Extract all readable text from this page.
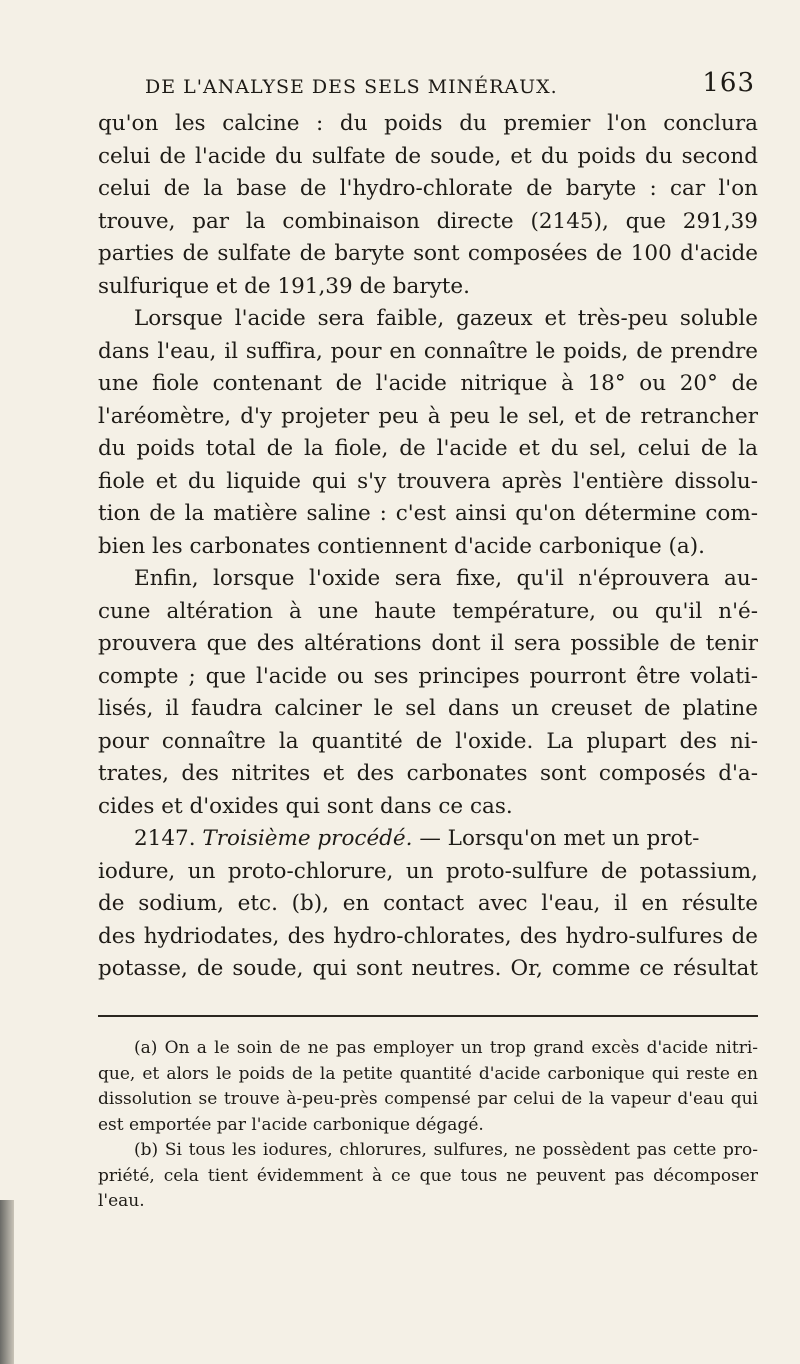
DE L'ANALYSE DES SELS MINÉRAUX.	163
qu'on les calcine : du poids du premier l'on conclura
celui de l'acide du sulfate de soude, et du poids du second
celui de la base de l'hydro-chlorate de baryte : car l'on
trouve, par la combinaison directe (2145), que 291,39
parties de sulfate de baryte sont composées de 100 d'acide
sulfurique et de 191,39 de baryte.
Lorsque l'acide sera faible, gazeux et très-peu soluble
dans l'eau, il suffira, pour en connaître le poids, de prendre
une fiole contenant de l'acide nitrique à 18° ou 20° de
l'aréomètre, d'y projeter peu à peu le sel, et de retrancher
du poids total de la fiole, de l'acide et du sel, celui de la
fiole et du liquide qui s'y trouvera après l'entière dissolu-
tion de la matière saline : c'est ainsi qu'on détermine com-
bien les carbonates contiennent d'acide carbonique (a).
Enfin, lorsque l'oxide sera fixe, qu'il n'éprouvera au-
cune altération à une haute température, ou qu'il n'é-
prouvera que des altérations dont il sera possible de tenir
compte ; que l'acide ou ses principes pourront être volati-
lisés, il faudra calciner le sel dans un creuset de platine
pour connaître la quantité de l'oxide. La plupart des ni-
trates, des nitrites et des carbonates sont composés d'a-
cides et d'oxides qui sont dans ce cas.
2147. Troisième procédé. — Lorsqu'on met un prot-
iodure, un proto-chlorure, un proto-sulfure de potassium,
de sodium, etc. (b), en contact avec l'eau, il en résulte
des hydriodates, des hydro-chlorates, des hydro-sulfures de
potasse, de soude, qui sont neutres. Or, comme ce résultat
(a) On a le soin de ne pas employer un trop grand excès d'acide nitri-
que, et alors le poids de la petite quantité d'acide carbonique qui reste en
dissolution se trouve à-peu-près compensé par celui de la vapeur d'eau qui
est emportée par l'acide carbonique dégagé.
(b) Si tous les iodures, chlorures, sulfures, ne possèdent pas cette pro-
priété, cela tient évidemment à ce que tous ne peuvent pas décomposer
l'eau.
